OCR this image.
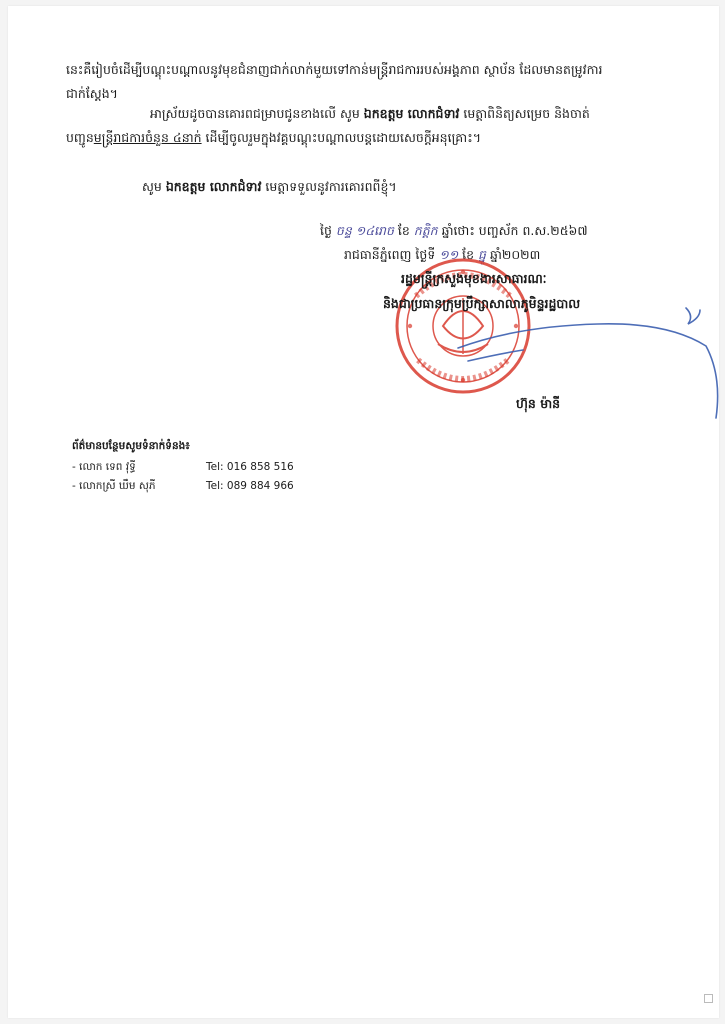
នេះគឺរៀបចំដើម្បីបណ្តុះបណ្តាលនូវមុខជំនាញជាក់លាក់មួយទៅកាន់មន្ត្រីរាជការរបស់អង្គភាព ស្ថាប័ន ដែលមានតម្រូវការ
ជាក់ស្តែង។
អាស្រ័យដូចបានគោរពជម្រាបជូនខាងលើ សូម ឯកឧត្តម លោកជំទាវ មេត្តាពិនិត្យសម្រេច និងចាត់
បញ្ជូនមន្ត្រីរាជការចំនួន ៤នាក់ ដើម្បីចូលរួមក្នុងវគ្គបណ្តុះបណ្តាលបន្តដោយសេចក្តីអនុគ្រោះ។
សូម ឯកឧត្តម លោកជំទាវ មេត្តាទទួលនូវការគោរពពីខ្ញុំ។
ថ្ងៃ ចន្ទ ១៤រោច ខែ កត្តិក ឆ្នាំថោះ បញ្ចស័ក ព.ស.២៥៦៧
រាជធានីភ្នំពេញ ថ្ងៃទី ១១ ខែ ធ្នូ ឆ្នាំ២០២៣
រដ្ឋមន្ត្រីក្រសួងមុខងារសាធារណៈ
និងជាប្រធានក្រុមប្រឹក្សាសាលាភូមិន្ទរដ្ឋបាល
ហ៊ុន ម៉ានី
ព័ត៌មានបន្ថែមសូមទំនាក់ទំនង៖
- លោក ទេព វុទ្ធី	Tel: 016 858 516
- លោកស្រី ឃឹម សុភី	Tel: 089 884 966
